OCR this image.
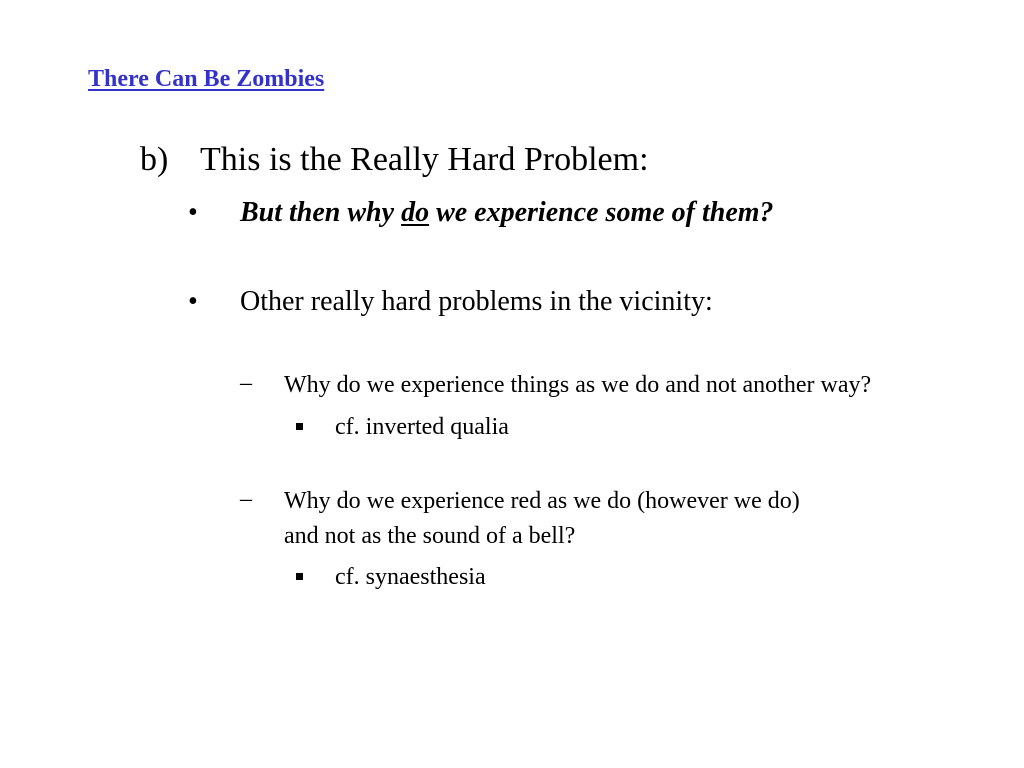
There Can Be Zombies
b) This is the Really Hard Problem:
• But then why do we experience some of them?
• Other really hard problems in the vicinity:
– Why do we experience things as we do and not another way?
cf. inverted qualia
– Why do we experience red as we do (however we do)
and not as the sound of a bell?
cf. synaesthesia
